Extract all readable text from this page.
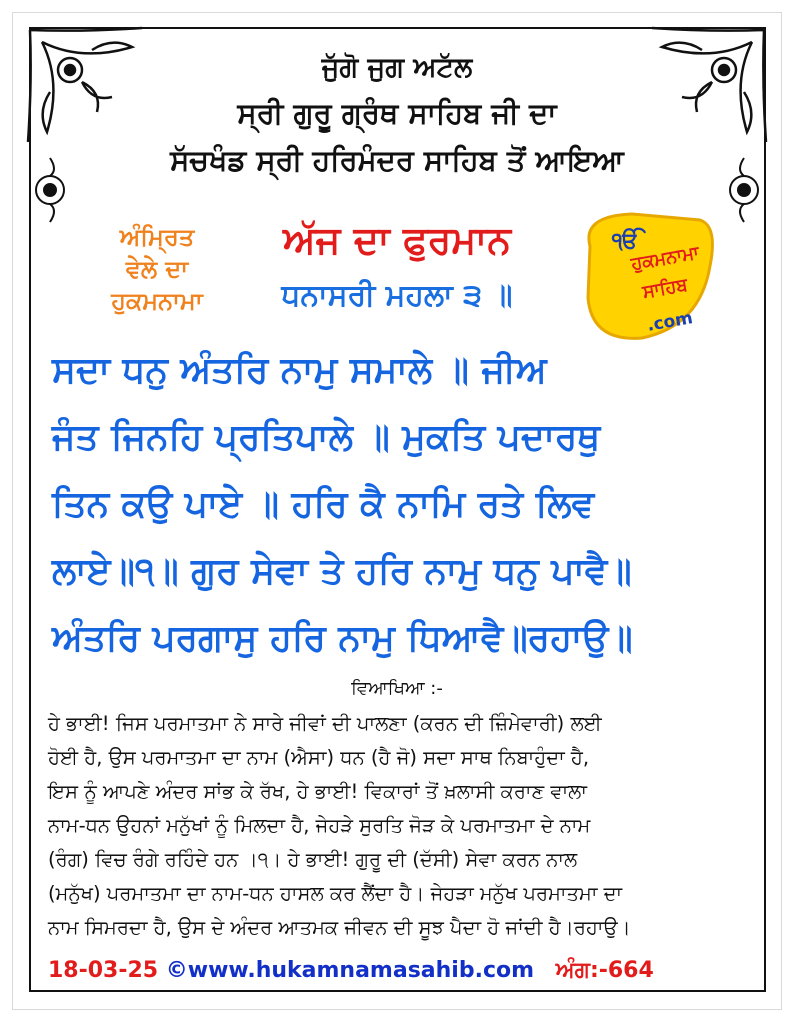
ਜੁੱਗੋ ਜੁਗ ਅਟੱਲ
ਸ੍ਰੀ ਗੁਰੂ ਗ੍ਰੰਥ ਸਾਹਿਬ ਜੀ ਦਾ
ਸੱਚਖੰਡ ਸ੍ਰੀ ਹਰਿਮੰਦਰ ਸਾਹਿਬ ਤੋਂ ਆਇਆ
ਅੰਮ੍ਰਿਤ
ਵੇਲੇ ਦਾ
ਹੁਕਮਨਾਮਾ
ਅੱਜ ਦਾ ਫੁਰਮਾਨ
ਧਨਾਸਰੀ ਮਹਲਾ ੩ ॥
ੴ
ਹੁਕਮਨਾਮਾ
ਸਾਹਿਬ
.com
ਸਦਾ ਧਨੁ ਅੰਤਰਿ ਨਾਮੁ ਸਮਾਲੇ ॥ ਜੀਅ
ਜੰਤ ਜਿਨਹਿ ਪ੍ਰਤਿਪਾਲੇ ॥ ਮੁਕਤਿ ਪਦਾਰਥੁ
ਤਿਨ ਕਉ ਪਾਏ ॥ ਹਰਿ ਕੈ ਨਾਮਿ ਰਤੇ ਲਿਵ
ਲਾਏ॥੧॥ ਗੁਰ ਸੇਵਾ ਤੇ ਹਰਿ ਨਾਮੁ ਧਨੁ ਪਾਵੈ॥
ਅੰਤਰਿ ਪਰਗਾਸੁ ਹਰਿ ਨਾਮੁ ਧਿਆਵੈ॥ਰਹਾਉ॥
ਵਿਆਖਿਆ :-
ਹੇ ਭਾਈ! ਜਿਸ ਪਰਮਾਤਮਾ ਨੇ ਸਾਰੇ ਜੀਵਾਂ ਦੀ ਪਾਲਣਾ (ਕਰਨ ਦੀ ਜ਼ਿੰਮੇਵਾਰੀ) ਲਈ
ਹੋਈ ਹੈ, ਉਸ ਪਰਮਾਤਮਾ ਦਾ ਨਾਮ (ਐਸਾ) ਧਨ (ਹੈ ਜੋ) ਸਦਾ ਸਾਥ ਨਿਬਾਹੁੰਦਾ ਹੈ,
ਇਸ ਨੂੰ ਆਪਣੇ ਅੰਦਰ ਸਾਂਭ ਕੇ ਰੱਖ, ਹੇ ਭਾਈ! ਵਿਕਾਰਾਂ ਤੋਂ ਖ਼ਲਾਸੀ ਕਰਾਣ ਵਾਲਾ
ਨਾਮ-ਧਨ ਉਹਨਾਂ ਮਨੁੱਖਾਂ ਨੂੰ ਮਿਲਦਾ ਹੈ, ਜੇਹੜੇ ਸੁਰਤਿ ਜੋੜ ਕੇ ਪਰਮਾਤਮਾ ਦੇ ਨਾਮ
(ਰੰਗ) ਵਿਚ ਰੰਗੇ ਰਹਿੰਦੇ ਹਨ ।੧। ਹੇ ਭਾਈ! ਗੁਰੂ ਦੀ (ਦੱਸੀ) ਸੇਵਾ ਕਰਨ ਨਾਲ
(ਮਨੁੱਖ) ਪਰਮਾਤਮਾ ਦਾ ਨਾਮ-ਧਨ ਹਾਸਲ ਕਰ ਲੈਂਦਾ ਹੈ। ਜੇਹੜਾ ਮਨੁੱਖ ਪਰਮਾਤਮਾ ਦਾ
ਨਾਮ ਸਿਮਰਦਾ ਹੈ, ਉਸ ਦੇ ਅੰਦਰ ਆਤਮਕ ਜੀਵਨ ਦੀ ਸੂਝ ਪੈਦਾ ਹੋ ਜਾਂਦੀ ਹੈ।ਰਹਾਉ।
18-03-25 ©www.hukamnamasahib.com ਅੰਗ:-664
